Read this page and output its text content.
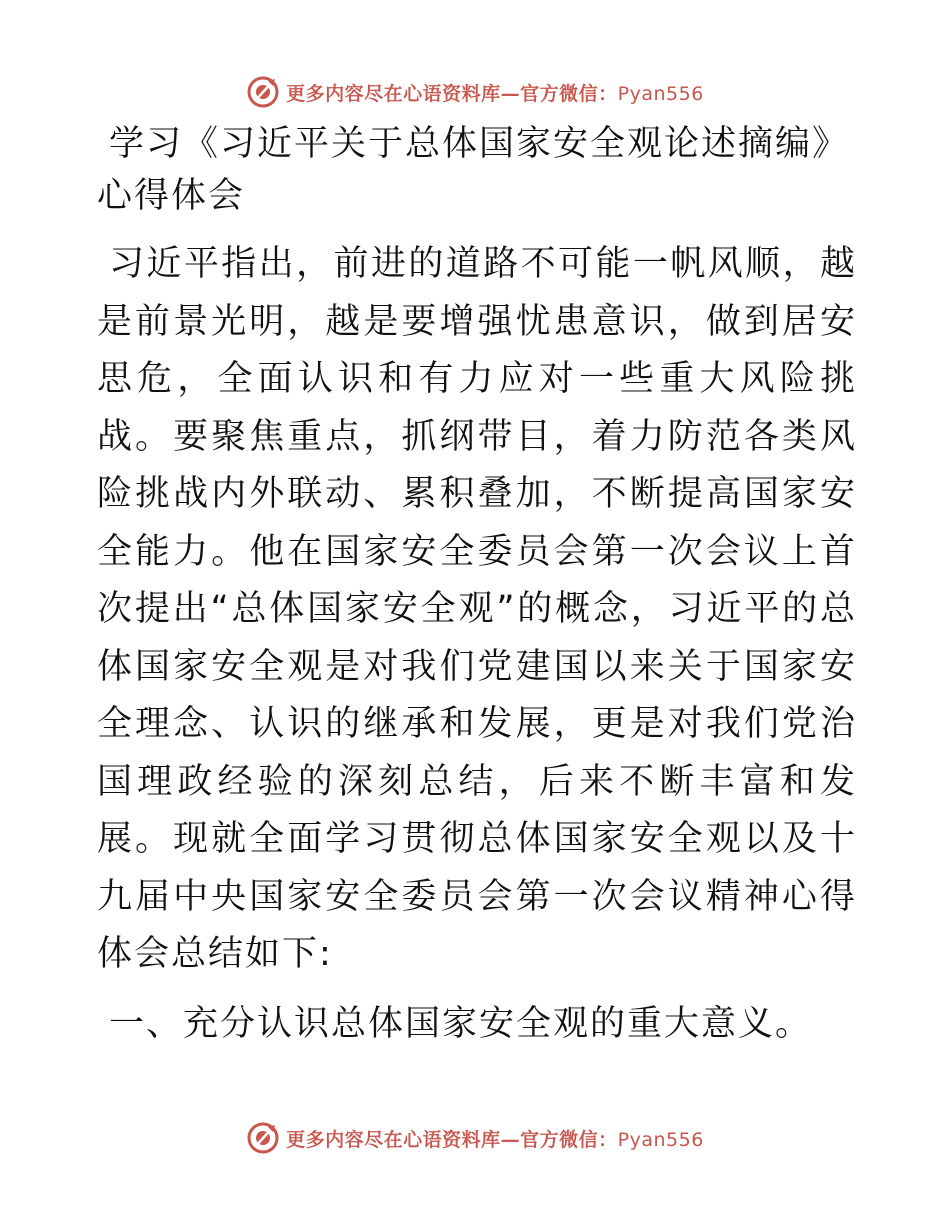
更多内容尽在心语资料库—官方微信：Pyan556
学习《习近平关于总体国家安全观论述摘编》心得体会

习近平指出，前进的道路不可能一帆风顺，越是前景光明，越是要增强忧患意识，做到居安思危，全面认识和有力应对一些重大风险挑战。要聚焦重点，抓纲带目，着力防范各类风险挑战内外联动、累积叠加，不断提高国家安全能力。他在国家安全委员会第一次会议上首次提出“总体国家安全观”的概念，习近平的总体国家安全观是对我们党建国以来关于国家安全理念、认识的继承和发展，更是对我们党治国理政经验的深刻总结，后来不断丰富和发展。现就全面学习贯彻总体国家安全观以及十九届中央国家安全委员会第一次会议精神心得体会总结如下:

一、充分认识总体国家安全观的重大意义。
更多内容尽在心语资料库—官方微信：Pyan556
